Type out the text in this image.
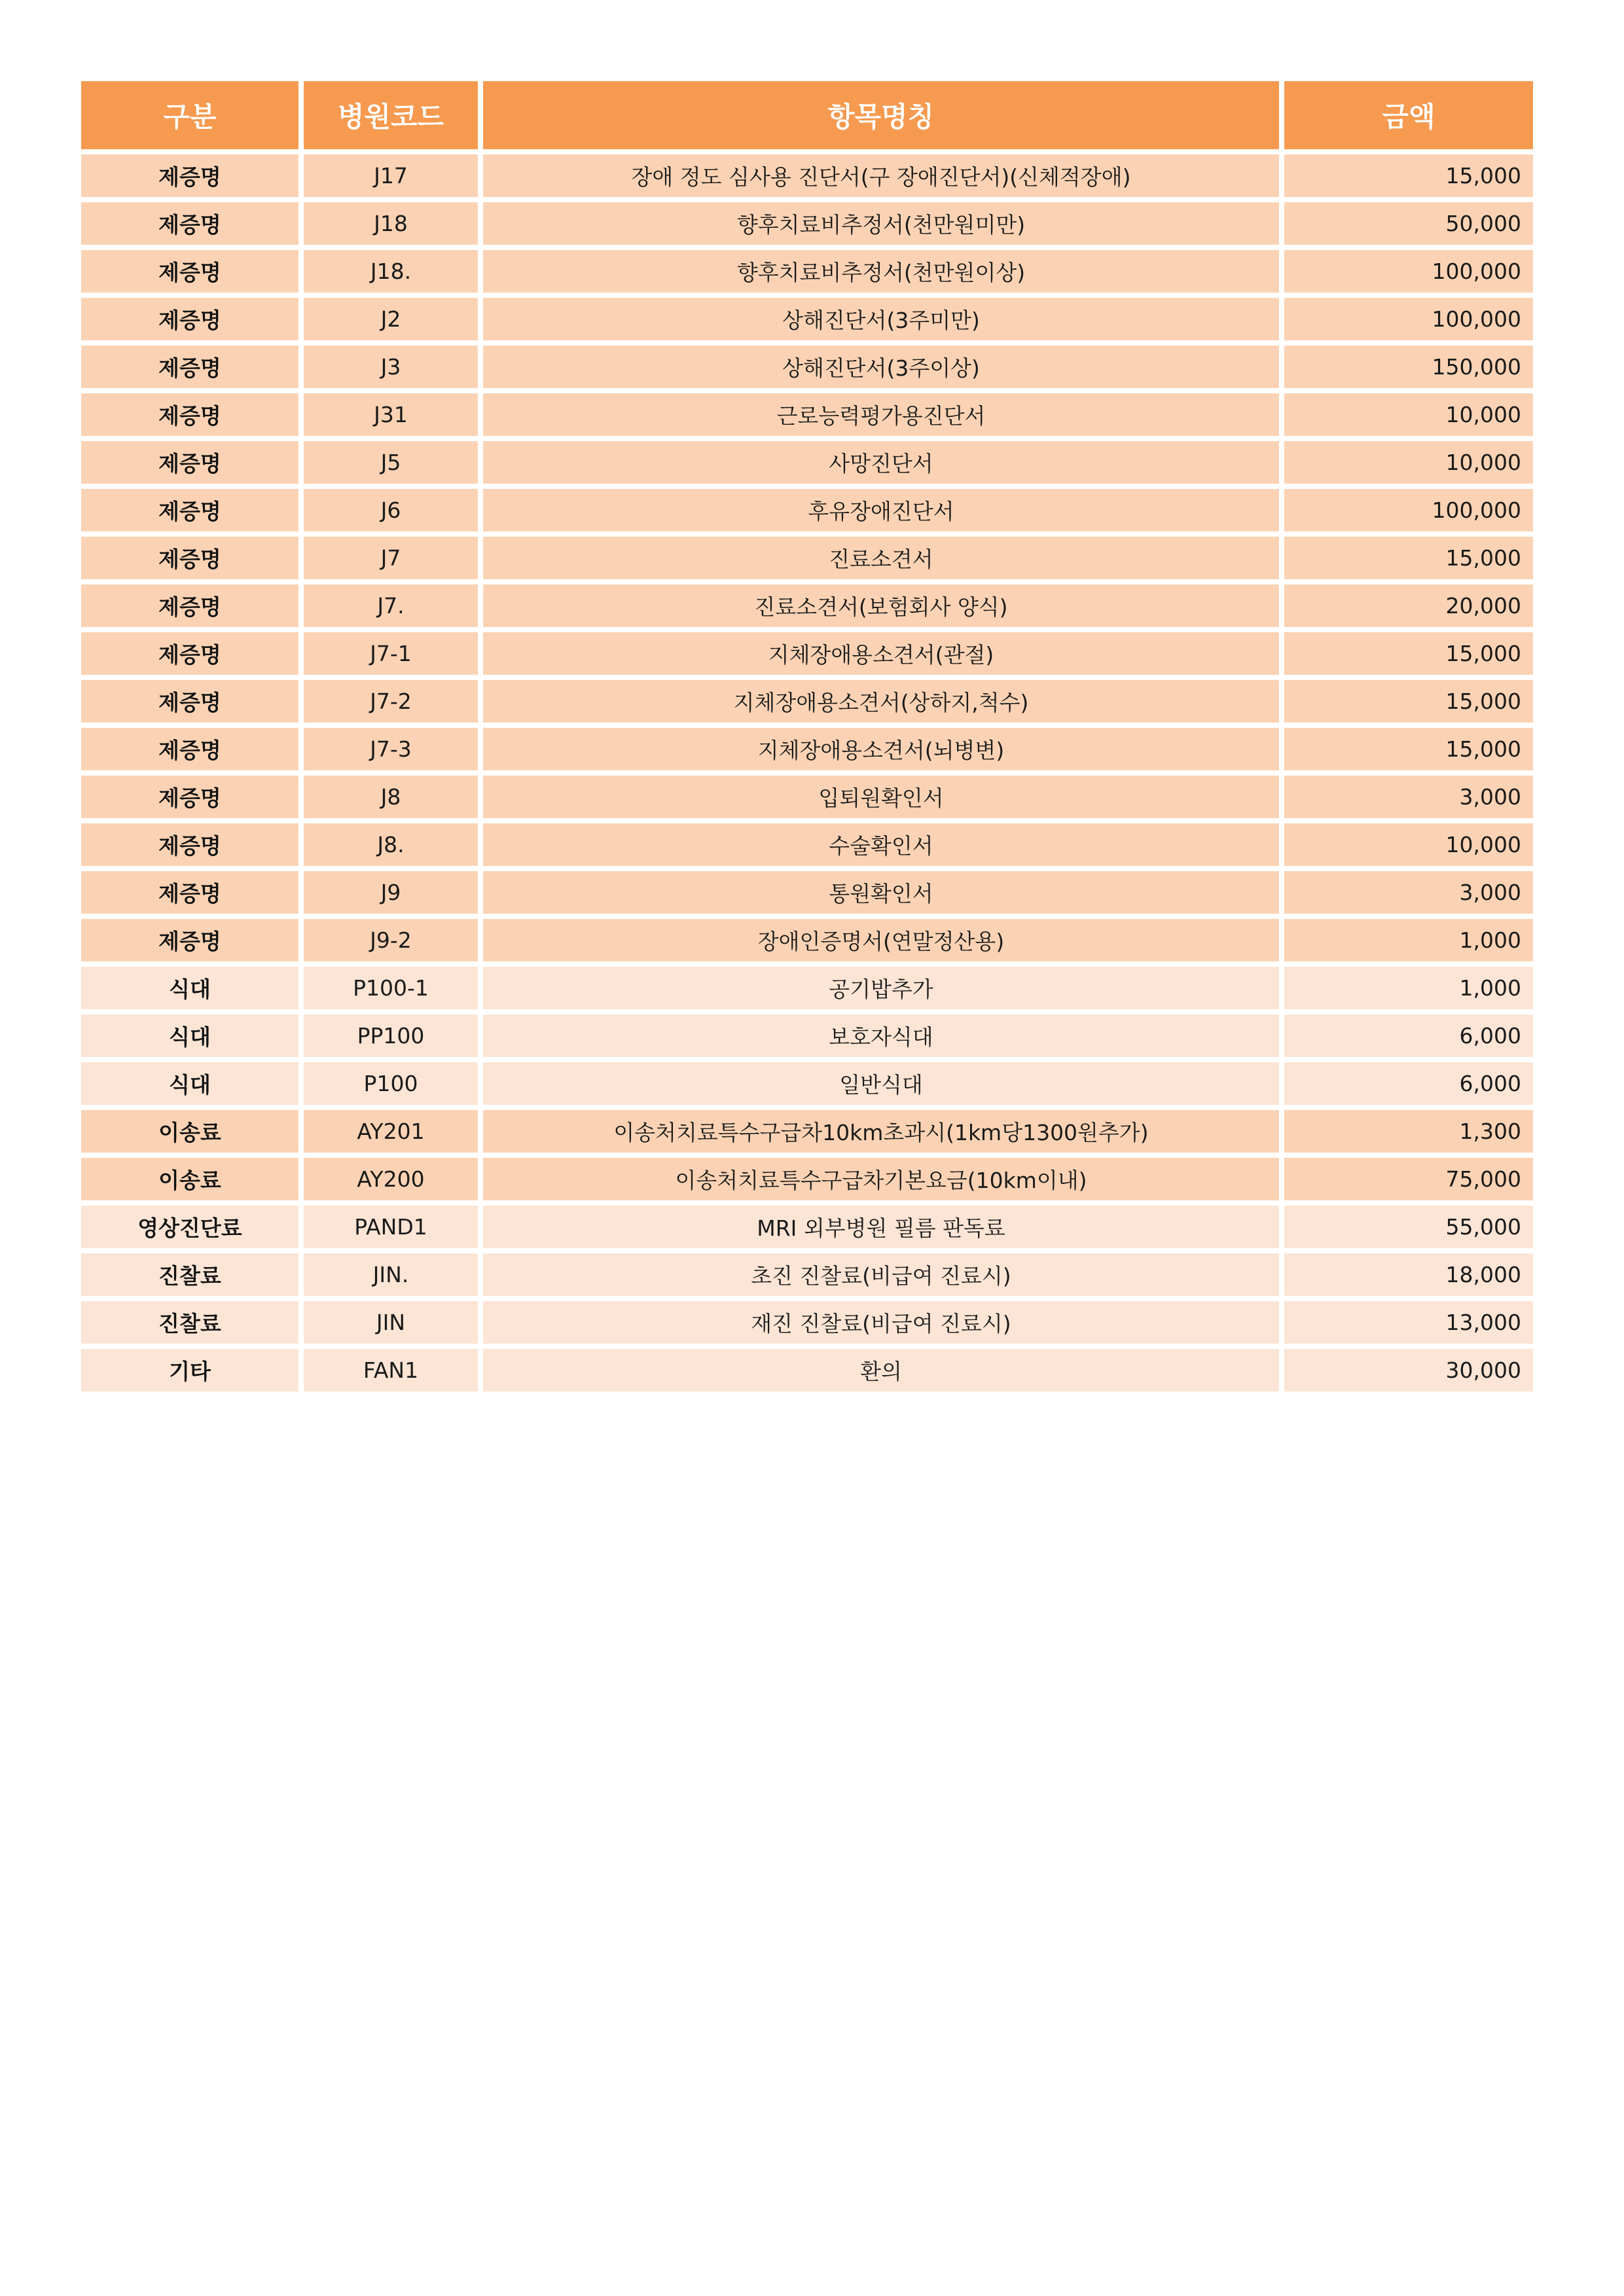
구분	병원코드	항목명칭	금액
제증명	J17	장애 정도 심사용 진단서(구 장애진단서)(신체적장애)	15,000
제증명	J18	향후치료비추정서(천만원미만)	50,000
제증명	J18.	향후치료비추정서(천만원이상)	100,000
제증명	J2	상해진단서(3주미만)	100,000
제증명	J3	상해진단서(3주이상)	150,000
제증명	J31	근로능력평가용진단서	10,000
제증명	J5	사망진단서	10,000
제증명	J6	후유장애진단서	100,000
제증명	J7	진료소견서	15,000
제증명	J7.	진료소견서(보험회사 양식)	20,000
제증명	J7-1	지체장애용소견서(관절)	15,000
제증명	J7-2	지체장애용소견서(상하지,척수)	15,000
제증명	J7-3	지체장애용소견서(뇌병변)	15,000
제증명	J8	입퇴원확인서	3,000
제증명	J8.	수술확인서	10,000
제증명	J9	통원확인서	3,000
제증명	J9-2	장애인증명서(연말정산용)	1,000
식대	P100-1	공기밥추가	1,000
식대	PP100	보호자식대	6,000
식대	P100	일반식대	6,000
이송료	AY201	이송처치료특수구급차10km초과시(1km당1300원추가)	1,300
이송료	AY200	이송처치료특수구급차기본요금(10km이내)	75,000
영상진단료	PAND1	MRI 외부병원 필름 판독료	55,000
진찰료	JIN.	초진 진찰료(비급여 진료시)	18,000
진찰료	JIN	재진 진찰료(비급여 진료시)	13,000
기타	FAN1	환의	30,000
